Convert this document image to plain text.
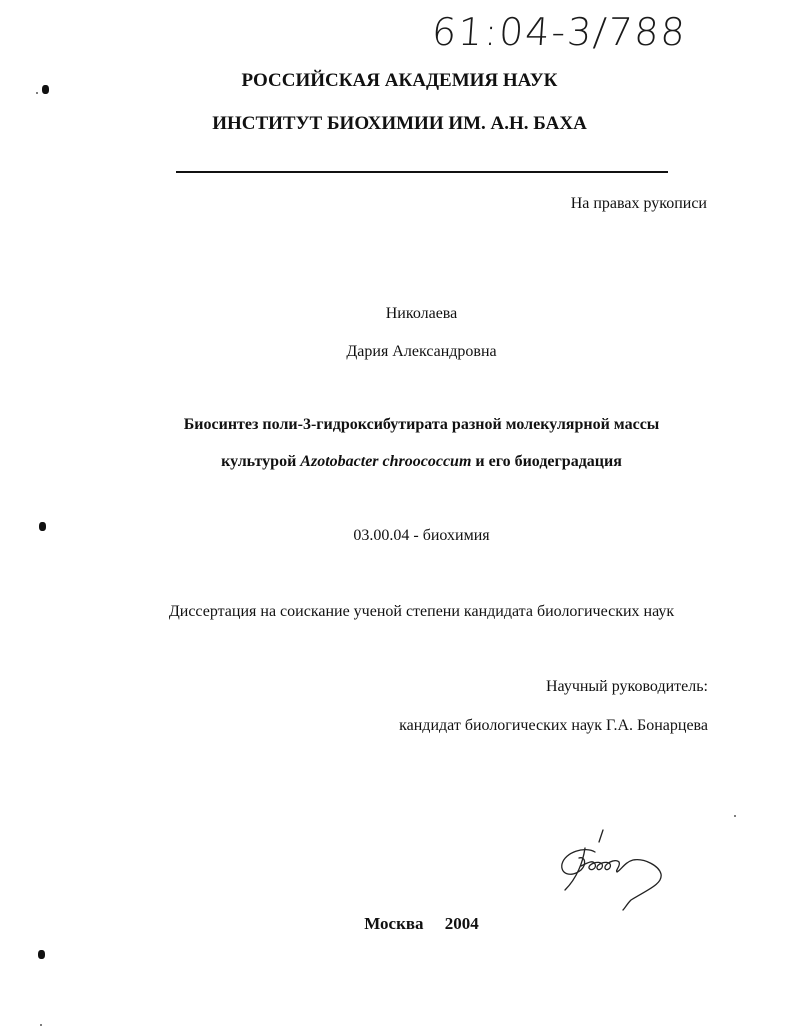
61:04-3/788
РОССИЙСКАЯ АКАДЕМИЯ НАУК
ИНСТИТУТ БИОХИМИИ ИМ. А.Н. БАХА
На правах рукописи
Николаева
Дария Александровна
Биосинтез поли-3-гидроксибутирата разной молекулярной массы
культурой Azotobacter chroococcum и его биодеградация
03.00.04 - биохимия
Диссертация на соискание ученой степени кандидата биологических наук
Научный руководитель:
кандидат биологических наук Г.А. Бонарцева
Москва 2004
